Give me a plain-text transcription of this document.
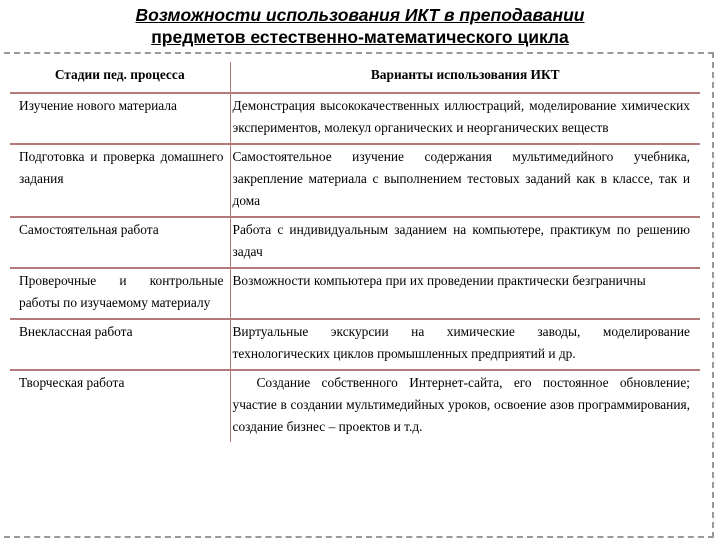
Возможности использования ИКТ в преподавании
предметов естественно-математического цикла
Стадии пед. процесса	Варианты использования ИКТ
Изучение нового материала	Демонстрация высококачественных иллюстраций, моделирование химических экспериментов, молекул органических и неорганических веществ
Подготовка и проверка домашнего задания	Самостоятельное изучение содержания мультимедийного учебника, закрепление материала с выполнением тестовых заданий как в классе, так и дома
Самостоятельная работа	Работа с индивидуальным заданием на компьютере, практикум по решению задач
Проверочные и контрольные работы по изучаемому материалу	Возможности компьютера при их проведении практически безграничны
Внеклассная работа	Виртуальные экскурсии на химические заводы, моделирование технологических циклов промышленных предприятий и др.
Творческая работа	Создание собственного Интернет-сайта, его постоянное обновление; участие в создании мультимедийных уроков, освоение азов программирования, создание бизнес – проектов и т.д.
